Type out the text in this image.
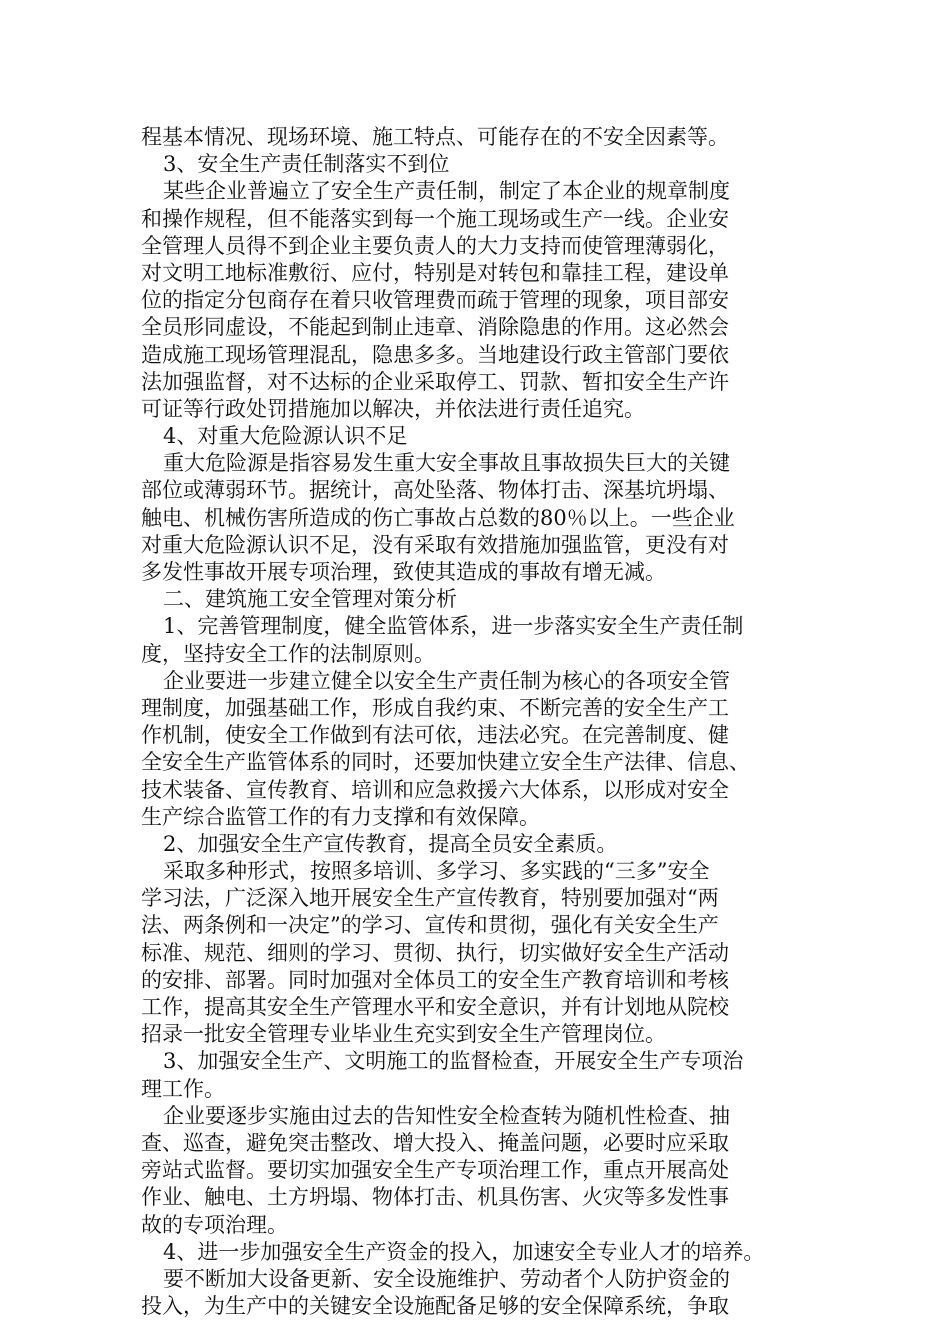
程基本情况、现场环境、施工特点、可能存在的不安全因素等。
3、安全生产责任制落实不到位
某些企业普遍立了安全生产责任制，制定了本企业的规章制度
和操作规程，但不能落实到每一个施工现场或生产一线。企业安
全管理人员得不到企业主要负责人的大力支持而使管理薄弱化，
对文明工地标准敷衍、应付，特别是对转包和靠挂工程，建设单
位的指定分包商存在着只收管理费而疏于管理的现象，项目部安
全员形同虚设，不能起到制止违章、消除隐患的作用。这必然会
造成施工现场管理混乱，隐患多多。当地建设行政主管部门要依
法加强监督，对不达标的企业采取停工、罚款、暂扣安全生产许
可证等行政处罚措施加以解决，并依法进行责任追究。
4、对重大危险源认识不足
重大危险源是指容易发生重大安全事故且事故损失巨大的关键
部位或薄弱环节。据统计，高处坠落、物体打击、深基坑坍塌、
触电、机械伤害所造成的伤亡事故占总数的80％以上。一些企业
对重大危险源认识不足，没有采取有效措施加强监管，更没有对
多发性事故开展专项治理，致使其造成的事故有增无减。
二、建筑施工安全管理对策分析
1、完善管理制度，健全监管体系，进一步落实安全生产责任制
度，坚持安全工作的法制原则。
企业要进一步建立健全以安全生产责任制为核心的各项安全管
理制度，加强基础工作，形成自我约束、不断完善的安全生产工
作机制，使安全工作做到有法可依，违法必究。在完善制度、健
全安全生产监管体系的同时，还要加快建立安全生产法律、信息、
技术装备、宣传教育、培训和应急救援六大体系，以形成对安全
生产综合监管工作的有力支撑和有效保障。
2、加强安全生产宣传教育，提高全员安全素质。
采取多种形式，按照多培训、多学习、多实践的“三多”安全
学习法，广泛深入地开展安全生产宣传教育，特别要加强对“两
法、两条例和一决定”的学习、宣传和贯彻，强化有关安全生产
标准、规范、细则的学习、贯彻、执行，切实做好安全生产活动
的安排、部署。同时加强对全体员工的安全生产教育培训和考核
工作，提高其安全生产管理水平和安全意识，并有计划地从院校
招录一批安全管理专业毕业生充实到安全生产管理岗位。
3、加强安全生产、文明施工的监督检查，开展安全生产专项治
理工作。
企业要逐步实施由过去的告知性安全检查转为随机性检查、抽
查、巡查，避免突击整改、增大投入、掩盖问题，必要时应采取
旁站式监督。要切实加强安全生产专项治理工作，重点开展高处
作业、触电、土方坍塌、物体打击、机具伤害、火灾等多发性事
故的专项治理。
4、进一步加强安全生产资金的投入，加速安全专业人才的培养。
要不断加大设备更新、安全设施维护、劳动者个人防护资金的
投入，为生产中的关键安全设施配备足够的安全保障系统，争取
